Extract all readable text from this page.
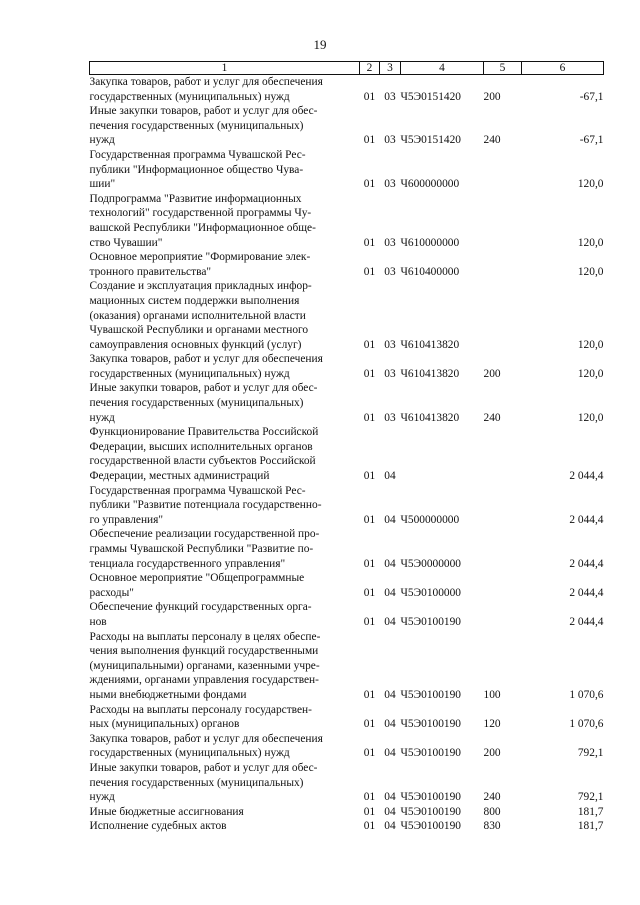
19
1	2	3	4	5	6

Закупка товаров, работ и услуг для обеспечения
государственных (муниципальных) нужд	01	03	Ч5Э0151420	200	-67,1

Иные закупки товаров, работ и услуг для обес-
печения государственных (муниципальных)
нужд	01	03	Ч5Э0151420	240	-67,1

Государственная программа Чувашской Рес-
публики "Информационное общество Чува-
шии"	01	03	Ч600000000		120,0

Подпрограмма "Развитие информационных
технологий" государственной программы Чу-
вашской Республики "Информационное обще-
ство Чувашии"	01	03	Ч610000000		120,0

Основное мероприятие "Формирование элек-
тронного правительства"	01	03	Ч610400000		120,0

Создание и эксплуатация прикладных инфор-
мационных систем поддержки выполнения
(оказания) органами исполнительной власти
Чувашской Республики и органами местного
самоуправления основных функций (услуг)	01	03	Ч610413820		120,0

Закупка товаров, работ и услуг для обеспечения
государственных (муниципальных) нужд	01	03	Ч610413820	200	120,0

Иные закупки товаров, работ и услуг для обес-
печения государственных (муниципальных)
нужд	01	03	Ч610413820	240	120,0

Функционирование Правительства Российской
Федерации, высших исполнительных органов
государственной власти субъектов Российской
Федерации, местных администраций	01	04			2 044,4

Государственная программа Чувашской Рес-
публики "Развитие потенциала государственно-
го управления"	01	04	Ч500000000		2 044,4

Обеспечение реализации государственной про-
граммы Чувашской Республики "Развитие по-
тенциала государственного управления"	01	04	Ч5Э0000000		2 044,4

Основное мероприятие "Общепрограммные
расходы"	01	04	Ч5Э0100000		2 044,4

Обеспечение функций государственных орга-
нов	01	04	Ч5Э0100190		2 044,4

Расходы на выплаты персоналу в целях обеспе-
чения выполнения функций государственными
(муниципальными) органами, казенными учре-
ждениями, органами управления государствен-
ными внебюджетными фондами	01	04	Ч5Э0100190	100	1 070,6

Расходы на выплаты персоналу государствен-
ных (муниципальных) органов	01	04	Ч5Э0100190	120	1 070,6

Закупка товаров, работ и услуг для обеспечения
государственных (муниципальных) нужд	01	04	Ч5Э0100190	200	792,1

Иные закупки товаров, работ и услуг для обес-
печения государственных (муниципальных)
нужд	01	04	Ч5Э0100190	240	792,1

Иные бюджетные ассигнования	01	04	Ч5Э0100190	800	181,7

Исполнение судебных актов	01	04	Ч5Э0100190	830	181,7
